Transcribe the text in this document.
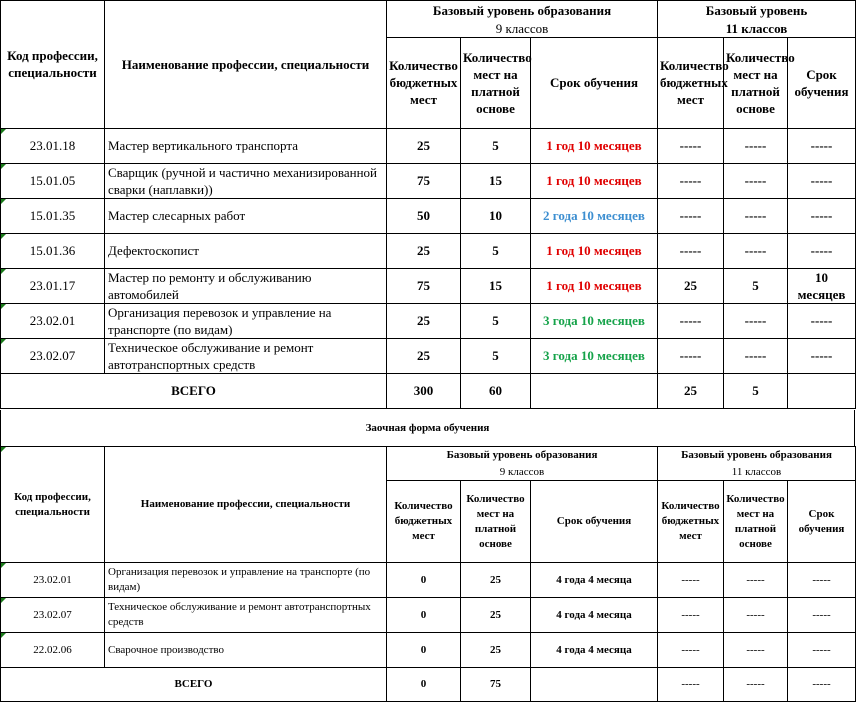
Код профессии, специальности	Наименование профессии, специальности	Базовый уровень образования			Базовый уровень		
		9 классов			11 классов		
		Количество бюджетных мест	Количество мест на платной основе	Срок обучения	Количество бюджетных мест	Количество мест на платной основе	Срок обучения
23.01.18	Мастер вертикального транспорта	25	5	1 год 10 месяцев	-----	-----	-----
15.01.05	Сварщик (ручной и частично механизированной сварки (наплавки))	75	15	1 год 10 месяцев	-----	-----	-----
15.01.35	Мастер слесарных работ	50	10	2 года 10 месяцев	-----	-----	-----
15.01.36	Дефектоскопист	25	5	1 год 10 месяцев	-----	-----	-----
23.01.17	Мастер по ремонту и обслуживанию автомобилей	75	15	1 год 10 месяцев	25	5	10 месяцев
23.02.01	Организация перевозок и управление на транспорте (по видам)	25	5	3 года 10 месяцев	-----	-----	-----
23.02.07	Техническое обслуживание и ремонт автотранспортных средств	25	5	3 года 10 месяцев	-----	-----	-----
ВСЕГО		300	60		25	5	
Заочная форма обучения
Код профессии, специальности	Наименование профессии, специальности	Базовый уровень образования			Базовый уровень образования		
		9 классов			11 классов		
		Количество бюджетных мест	Количество мест на платной основе	Срок обучения	Количество бюджетных мест	Количество мест на платной основе	Срок обучения
23.02.01	Организация перевозок и управление на транспорте (по видам)	0	25	4 года 4 месяца	-----	-----	-----
23.02.07	Техническое обслуживание и ремонт автотранспортных средств	0	25	4 года 4 месяца	-----	-----	-----
22.02.06	Сварочное производство	0	25	4 года 4 месяца	-----	-----	-----
ВСЕГО		0	75		-----	-----	-----
